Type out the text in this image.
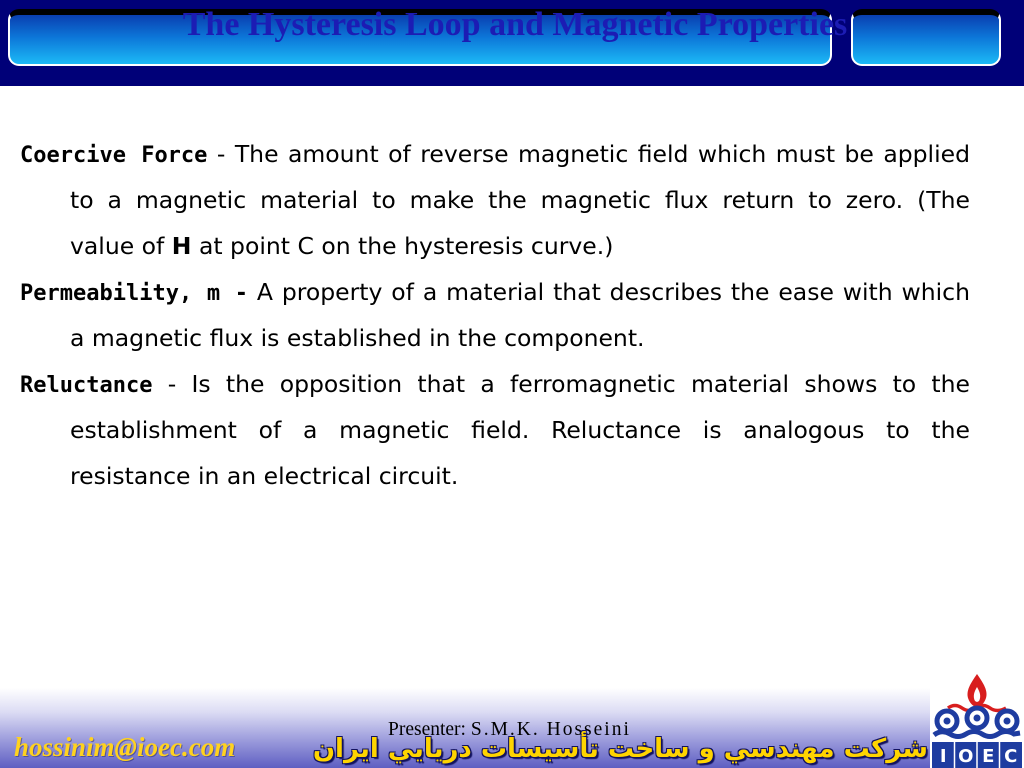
The Hysteresis Loop and Magnetic Properties
Coercive Force - The amount of reverse magnetic field which must be applied
to a magnetic material to make the magnetic flux return to zero. (The
value of H at point C on the hysteresis curve.)
Permeability, m - A property of a material that describes the ease with which
a magnetic flux is established in the component.
Reluctance - Is the opposition that a ferromagnetic material shows to the
establishment of a magnetic field. Reluctance is analogous to the
resistance in an electrical circuit.
hossinim@ioec.com
Presenter: S.M.K. Hosseini
شرکت مهندسي و ساخت تأسيسات دريايي ايران I O E C
